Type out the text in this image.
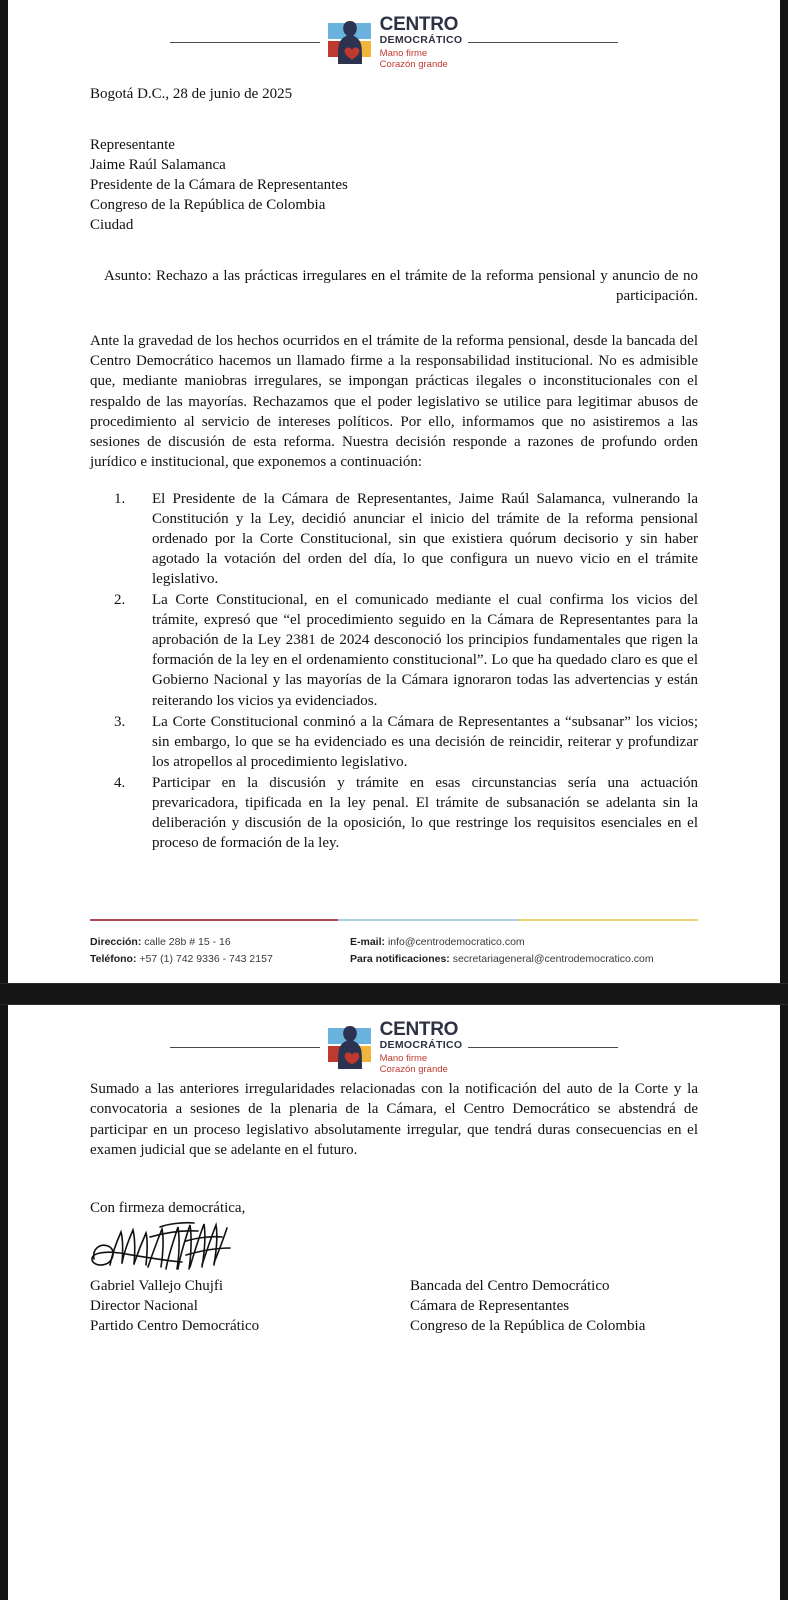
CENTRO
DEMOCRÁTICO
Mano firme
Corazón grande
Bogotá D.C., 28 de junio de 2025
Representante
Jaime Raúl Salamanca
Presidente de la Cámara de Representantes
Congreso de la República de Colombia
Ciudad
Asunto: Rechazo a las prácticas irregulares en el trámite de la reforma pensional y anuncio de no participación.
Ante la gravedad de los hechos ocurridos en el trámite de la reforma pensional, desde la bancada del Centro Democrático hacemos un llamado firme a la responsabilidad institucional. No es admisible que, mediante maniobras irregulares, se impongan prácticas ilegales o inconstitucionales con el respaldo de las mayorías. Rechazamos que el poder legislativo se utilice para legitimar abusos de procedimiento al servicio de intereses políticos. Por ello, informamos que no asistiremos a las sesiones de discusión de esta reforma. Nuestra decisión responde a razones de profundo orden jurídico e institucional, que exponemos a continuación:
El Presidente de la Cámara de Representantes, Jaime Raúl Salamanca, vulnerando la Constitución y la Ley, decidió anunciar el inicio del trámite de la reforma pensional ordenado por la Corte Constitucional, sin que existiera quórum decisorio y sin haber agotado la votación del orden del día, lo que configura un nuevo vicio en el trámite legislativo.
La Corte Constitucional, en el comunicado mediante el cual confirma los vicios del trámite, expresó que “el procedimiento seguido en la Cámara de Representantes para la aprobación de la Ley 2381 de 2024 desconoció los principios fundamentales que rigen la formación de la ley en el ordenamiento constitucional”. Lo que ha quedado claro es que el Gobierno Nacional y las mayorías de la Cámara ignoraron todas las advertencias y están reiterando los vicios ya evidenciados.
La Corte Constitucional conminó a la Cámara de Representantes a “subsanar” los vicios; sin embargo, lo que se ha evidenciado es una decisión de reincidir, reiterar y profundizar los atropellos al procedimiento legislativo.
Participar en la discusión y trámite en esas circunstancias sería una actuación prevaricadora, tipificada en la ley penal. El trámite de subsanación se adelanta sin la deliberación y discusión de la oposición, lo que restringe los requisitos esenciales en el proceso de formación de la ley.
Dirección: calle 28b # 15 - 16
Teléfono: +57 (1) 742 9336 - 743 2157
E-mail: info@centrodemocratico.com
Para notificaciones: secretariageneral@centrodemocratico.com
CENTRO
DEMOCRÁTICO
Mano firme
Corazón grande
Sumado a las anteriores irregularidades relacionadas con la notificación del auto de la Corte y la convocatoria a sesiones de la plenaria de la Cámara, el Centro Democrático se abstendrá de participar en un proceso legislativo absolutamente irregular, que tendrá duras consecuencias en el examen judicial que se adelante en el futuro.
Con firmeza democrática,
Gabriel Vallejo Chujfi
Director Nacional
Partido Centro Democrático
Bancada del Centro Democrático
Cámara de Representantes
Congreso de la República de Colombia
